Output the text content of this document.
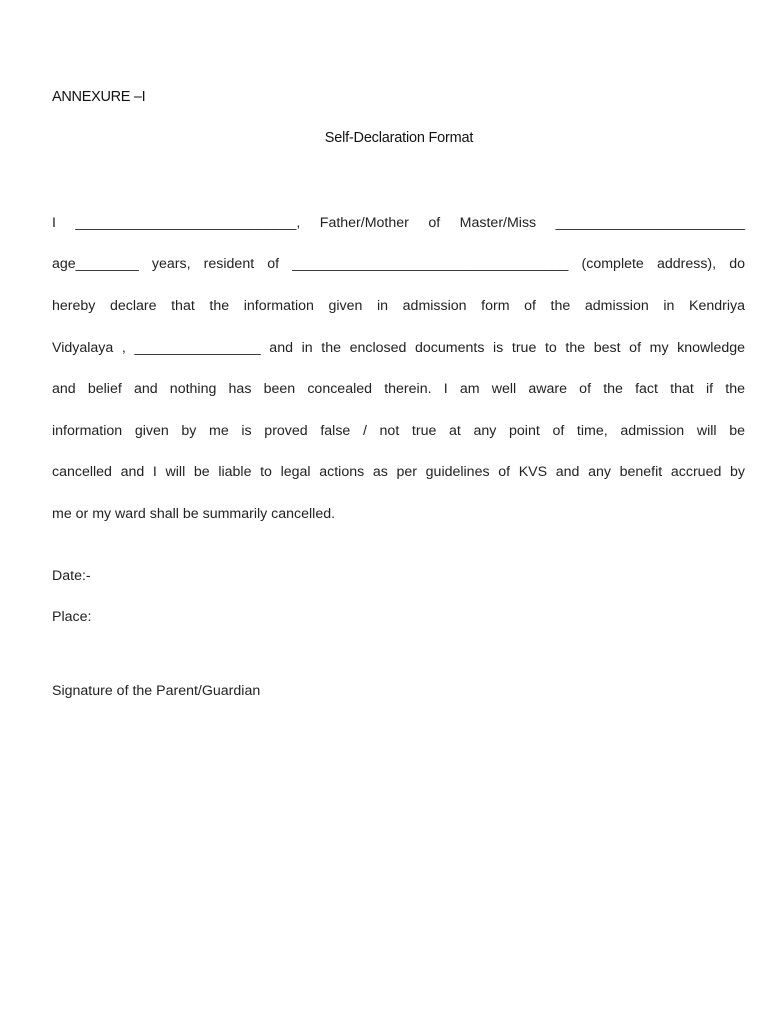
ANNEXURE –I
Self-Declaration Format
I ____________________________, Father/Mother of Master/Miss ________________________
age________ years, resident of ___________________________________ (complete address), do
hereby declare that the information given in admission form of the admission in Kendriya
Vidyalaya , ________________ and in the enclosed documents is true to the best of my knowledge
and belief and nothing has been concealed therein. I am well aware of the fact that if the
information given by me is proved false / not true at any point of time, admission will be
cancelled and I will be liable to legal actions as per guidelines of KVS and any benefit accrued by
me or my ward shall be summarily cancelled.
Date:-
Place:
Signature of the Parent/Guardian
